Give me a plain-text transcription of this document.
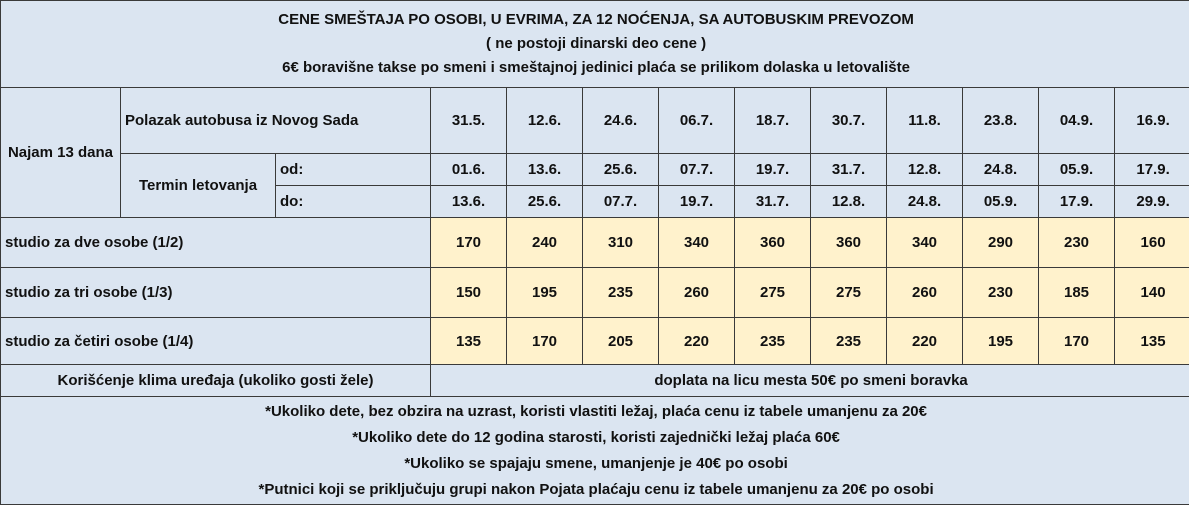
CENE SMEŠTAJA PO OSOBI, U EVRIMA, ZA 12 NOĆENJA, SA AUTOBUSKIM PREVOZOM
( ne postoji dinarski deo cene )
6€ boravišne takse po smeni i smeštajnoj jedinici plaća se prilikom dolaska u letovalište												

Najam 13 dana	Polazak autobusa iz Novog Sada		31.5.	12.6.	24.6.	06.7.	18.7.	30.7.	11.8.	23.8.	04.9.	16.9.
	Termin letovanja	od:	01.6.	13.6.	25.6.	07.7.	19.7.	31.7.	12.8.	24.8.	05.9.	17.9.
		do:	13.6.	25.6.	07.7.	19.7.	31.7.	12.8.	24.8.	05.9.	17.9.	29.9.
studio za dve osobe (1/2)			170	240	310	340	360	360	340	290	230	160
studio za tri osobe (1/3)			150	195	235	260	275	275	260	230	185	140
studio za četiri osobe (1/4)			135	170	205	220	235	235	220	195	170	135
Korišćenje klima uređaja (ukoliko gosti žele)			doplata na licu mesta 50€ po smeni boravka									

*Ukoliko dete, bez obzira na uzrast, koristi vlastiti ležaj, plaća cenu iz tabele umanjenu za 20€
*Ukoliko dete do 12 godina starosti, koristi zajednički ležaj plaća 60€
*Ukoliko se spajaju smene, umanjenje je 40€ po osobi
*Putnici koji se priključuju grupi nakon Pojata plaćaju cenu iz tabele umanjenu za 20€ po osobi												
